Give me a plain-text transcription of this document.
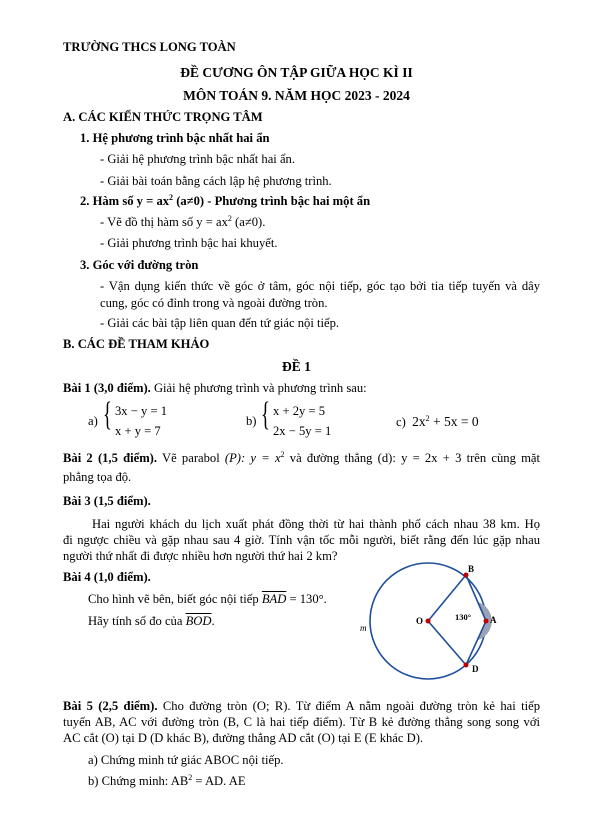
TRƯỜNG THCS LONG TOÀN
ĐỀ CƯƠNG ÔN TẬP GIỮA HỌC KÌ II
MÔN TOÁN 9. NĂM HỌC 2023 - 2024
A. CÁC KIẾN THỨC TRỌNG TÂM
1. Hệ phương trình bậc nhất hai ẩn
- Giải hệ phương trình bậc nhất hai ẩn.
- Giải bài toán bằng cách lập hệ phương trình.
2. Hàm số $y = ax^2$ (a≠0) - Phương trình bậc hai một ẩn
- Vẽ đồ thị hàm số $y = ax^2$ (a≠0).
- Giải phương trình bậc hai khuyết.
3. Góc với đường tròn
- Vận dụng kiến thức về góc ở tâm, góc nội tiếp, góc tạo bởi tia tiếp tuyến và dây
cung, góc có đỉnh trong và ngoài đường tròn.
- Giải các bài tập liên quan đến tứ giác nội tiếp.
B. CÁC ĐỀ THAM KHẢO
ĐỀ 1
Bài 1 (3,0 điểm). Giải hệ phương trình và phương trình sau:
a) { 3x − y = 1
x + y = 7
b) { x + 2y = 5
2x − 5y = 1
c) $2x^2 + 5x = 0$
Bài 2 (1,5 điểm). Vẽ parabol (P): $y = x^2$ và đường thẳng (d): y = 2x + 3 trên cùng mặt
phẳng tọa độ.
Bài 3 (1,5 điểm).
Hai người khách du lịch xuất phát đồng thời từ hai thành phố cách nhau 38 km. Họ
đi ngược chiều và gặp nhau sau 4 giờ. Tính vận tốc mỗi người, biết rằng đến lúc gặp nhau
người thứ nhất đi được nhiều hơn người thứ hai 2 km?
Bài 4 (1,0 điểm).
Cho hình vẽ bên, biết góc nội tiếp $\overline{BAD} = 130^\circ$.
Hãy tính số đo của $\overline{BOD}$.
B
A
O
D
m
130°
Bài 5 (2,5 điểm). Cho đường tròn (O; R). Từ điểm A nằm ngoài đường tròn kẻ hai tiếp
tuyến AB, AC với đường tròn (B, C là hai tiếp điểm). Từ B kẻ đường thẳng song song với
AC cắt (O) tại D (D khác B), đường thẳng AD cắt (O) tại E (E khác D).
a) Chứng minh tứ giác ABOC nội tiếp.
b) Chứng minh: $AB^2$ = AD. AE
